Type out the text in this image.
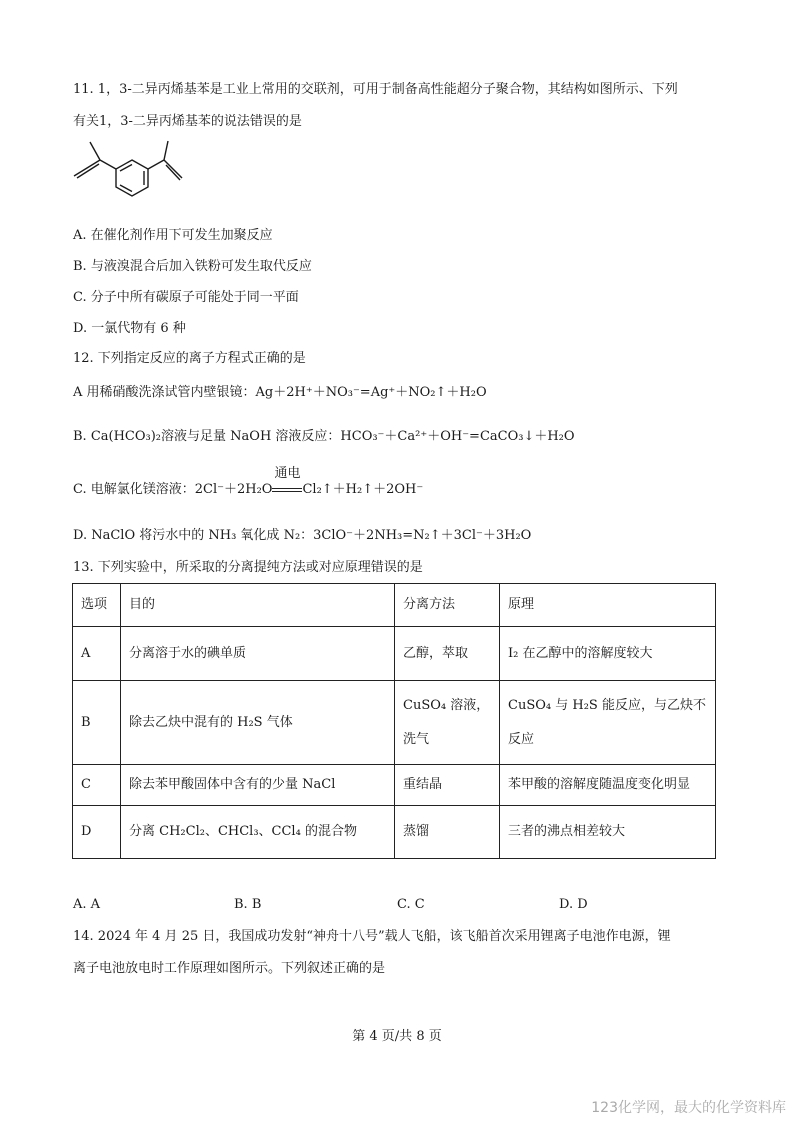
11. 1，3-二异丙烯基苯是工业上常用的交联剂，可用于制备高性能超分子聚合物，其结构如图所示、下列
有关1，3-二异丙烯基苯的说法错误的是
A. 在催化剂作用下可发生加聚反应
B. 与液溴混合后加入铁粉可发生取代反应
C. 分子中所有碳原子可能处于同一平面
D. 一氯代物有 6 种
12. 下列指定反应的离子方程式正确的是
A 用稀硝酸洗涤试管内壁银镜：Ag＋2H⁺＋NO₃⁻=Ag⁺＋NO₂↑＋H₂O
B. Ca(HCO₃)₂溶液与足量 NaOH 溶液反应：HCO₃⁻＋Ca²⁺＋OH⁻=CaCO₃↓＋H₂O
C. 电解氯化镁溶液：2Cl⁻＋2H₂O
通电
Cl₂↑＋H₂↑＋2OH⁻
D. NaClO 将污水中的 NH₃ 氧化成 N₂：3ClO⁻＋2NH₃=N₂↑＋3Cl⁻＋3H₂O
13. 下列实验中，所采取的分离提纯方法或对应原理错误的是
选项	目的	分离方法	原理
A	分离溶于水的碘单质	乙醇，萃取	I₂ 在乙醇中的溶解度较大
B	除去乙炔中混有的 H₂S 气体	CuSO₄ 溶液，洗气	CuSO₄ 与 H₂S 能反应，与乙炔不反应
C	除去苯甲酸固体中含有的少量 NaCl	重结晶	苯甲酸的溶解度随温度变化明显
D	分离 CH₂Cl₂、CHCl₃、CCl₄ 的混合物	蒸馏	三者的沸点相差较大
A. A	B. B	C. C	D. D
14. 2024 年 4 月 25 日，我国成功发射“神舟十八号”载人飞船，该飞船首次采用锂离子电池作电源，锂
离子电池放电时工作原理如图所示。下列叙述正确的是
第 4 页/共 8 页
123化学网，最大的化学资料库
